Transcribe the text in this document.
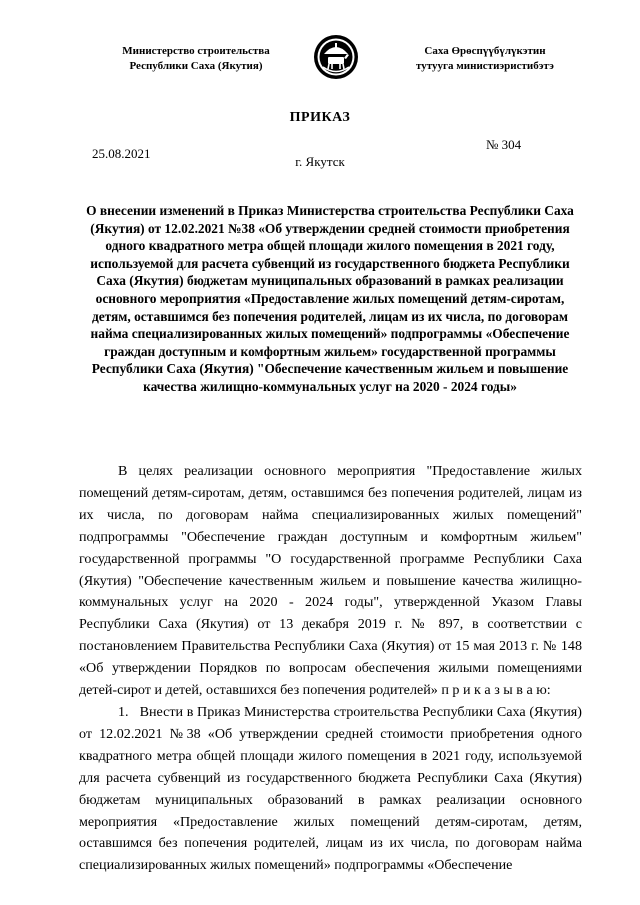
Министерство строительства
Республики Саха (Якутия)
Саха Өрөспүүбүлүкэтин
тутууга министиэристибэтэ
ПРИКАЗ
25.08.2021
№ 304
г. Якутск

О внесении изменений в Приказ Министерства строительства Республики Саха (Якутия) от 12.02.2021 №38 «Об утверждении средней стоимости приобретения одного квадратного метра общей площади жилого помещения в 2021 году, используемой для расчета субвенций из государственного бюджета Республики Саха (Якутия) бюджетам муниципальных образований в рамках реализации основного мероприятия «Предоставление жилых помещений детям-сиротам, детям, оставшимся без попечения родителей, лицам из их числа, по договорам найма специализированных жилых помещений» подпрограммы «Обеспечение граждан доступным и комфортным жильем» государственной программы Республики Саха (Якутия) "Обеспечение качественным жильем и повышение качества жилищно-коммунальных услуг на 2020 - 2024 годы»

В целях реализации основного мероприятия "Предоставление жилых помещений детям-сиротам, детям, оставшимся без попечения родителей, лицам из их числа, по договорам найма специализированных жилых помещений" подпрограммы "Обеспечение граждан доступным и комфортным жильем" государственной программы "О государственной программе Республики Саха (Якутия) "Обеспечение качественным жильем и повышение качества жилищно-коммунальных услуг на 2020 - 2024 годы", утвержденной Указом Главы Республики Саха (Якутия) от 13 декабря 2019 г. № 897, в соответствии с постановлением Правительства Республики Саха (Якутия) от 15 мая 2013 г. № 148 «Об утверждении Порядков по вопросам обеспечения жилыми помещениями детей-сирот и детей, оставшихся без попечения родителей» п р и к а з ы в а ю:

1.   Внести в Приказ Министерства строительства Республики Саха (Якутия) от 12.02.2021 №38 «Об утверждении средней стоимости приобретения одного квадратного метра общей площади жилого помещения в 2021 году, используемой для расчета субвенций из государственного бюджета Республики Саха (Якутия) бюджетам муниципальных образований в рамках реализации основного мероприятия «Предоставление жилых помещений детям-сиротам, детям, оставшимся без попечения родителей, лицам из их числа, по договорам найма специализированных жилых помещений» подпрограммы «Обеспечение
